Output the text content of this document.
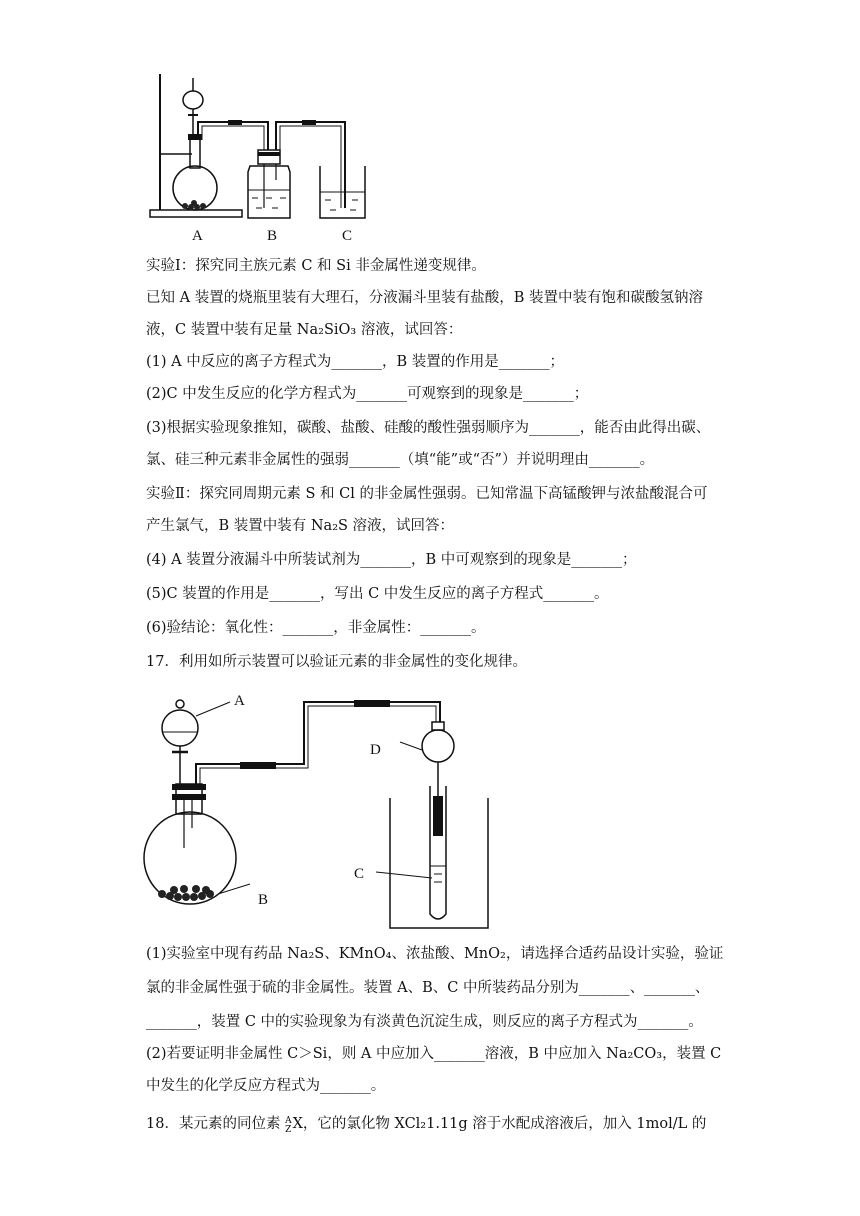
A	B	C
实验Ⅰ：探究同主族元素 C 和 Si 非金属性递变规律。
已知 A 装置的烧瓶里装有大理石，分液漏斗里装有盐酸，B 装置中装有饱和碳酸氢钠溶
液，C 装置中装有足量 Na₂SiO₃ 溶液，试回答：
(1) A 中反应的离子方程式为_______，B 装置的作用是_______；
(2)C 中发生反应的化学方程式为_______可观察到的现象是_______；
(3)根据实验现象推知，碳酸、盐酸、硅酸的酸性强弱顺序为_______，能否由此得出碳、
氯、硅三种元素非金属性的强弱_______（填“能”或“否”）并说明理由_______。
实验Ⅱ：探究同周期元素 S 和 Cl 的非金属性强弱。已知常温下高锰酸钾与浓盐酸混合可
产生氯气，B 装置中装有 Na₂S 溶液，试回答：
(4) A 装置分液漏斗中所装试剂为_______，B 中可观察到的现象是_______；
(5)C 装置的作用是_______，写出 C 中发生反应的离子方程式_______。
(6)验结论：氧化性：_______，非金属性：_______。
17．利用如所示装置可以验证元素的非金属性的变化规律。
A
D
C
B
(1)实验室中现有药品 Na₂S、KMnO₄、浓盐酸、MnO₂，请选择合适药品设计实验，验证
氯的非金属性强于硫的非金属性。装置 A、B、C 中所装药品分别为_______、_______、
_______，装置 C 中的实验现象为有淡黄色沉淀生成，则反应的离子方程式为_______。
(2)若要证明非金属性 C＞Si，则 A 中应加入_______溶液，B 中应加入 Na₂CO₃，装置 C
中发生的化学反应方程式为_______。
18．某元素的同位素 A
Z X，它的氯化物 XCl₂1.11g 溶于水配成溶液后，加入 1mol/L 的
